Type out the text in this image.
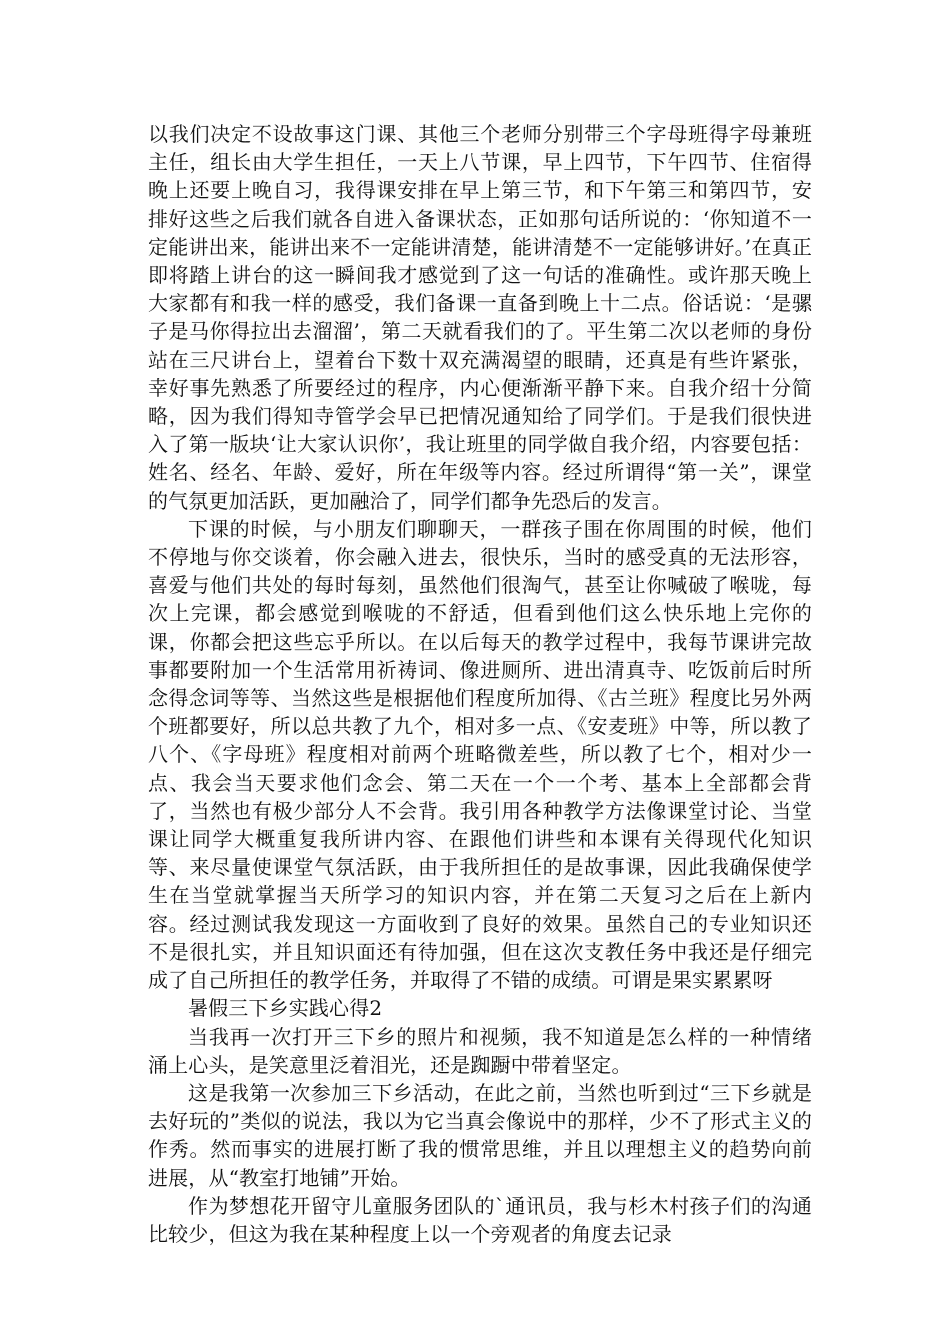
以我们决定不设故事这门课、其他三个老师分别带三个字母班得字母兼班主任，组长由大学生担任，一天上八节课，早上四节，下午四节、住宿得晚上还要上晚自习，我得课安排在早上第三节，和下午第三和第四节，安排好这些之后我们就各自进入备课状态，正如那句话所说的：‘你知道不一定能讲出来，能讲出来不一定能讲清楚，能讲清楚不一定能够讲好。’在真正即将踏上讲台的这一瞬间我才感觉到了这一句话的准确性。或许那天晚上大家都有和我一样的感受，我们备课一直备到晚上十二点。俗话说：‘是骡子是马你得拉出去溜溜’，第二天就看我们的了。平生第二次以老师的身份站在三尺讲台上，望着台下数十双充满渴望的眼睛，还真是有些许紧张，幸好事先熟悉了所要经过的程序，内心便渐渐平静下来。自我介绍十分简略，因为我们得知寺管学会早已把情况通知给了同学们。于是我们很快进入了第一版块‘让大家认识你’，我让班里的同学做自我介绍，内容要包括：姓名、经名、年龄、爱好，所在年级等内容。经过所谓得“第一关”，课堂的气氛更加活跃，更加融洽了，同学们都争先恐后的发言。

下课的时候，与小朋友们聊聊天，一群孩子围在你周围的时候，他们不停地与你交谈着，你会融入进去，很快乐，当时的感受真的无法形容，喜爱与他们共处的每时每刻，虽然他们很淘气，甚至让你喊破了喉咙，每次上完课，都会感觉到喉咙的不舒适，但看到他们这么快乐地上完你的课，你都会把这些忘乎所以。在以后每天的教学过程中，我每节课讲完故事都要附加一个生活常用祈祷词、像进厕所、进出清真寺、吃饭前后时所念得念词等等、当然这些是根据他们程度所加得、《古兰班》程度比另外两个班都要好，所以总共教了九个，相对多一点、《安麦班》中等，所以教了八个、《字母班》程度相对前两个班略微差些，所以教了七个，相对少一点、我会当天要求他们念会、第二天在一个一个考、基本上全部都会背了，当然也有极少部分人不会背。我引用各种教学方法像课堂讨论、当堂课让同学大概重复我所讲内容、在跟他们讲些和本课有关得现代化知识等、来尽量使课堂气氛活跃，由于我所担任的是故事课，因此我确保使学生在当堂就掌握当天所学习的知识内容，并在第二天复习之后在上新内容。经过测试我发现这一方面收到了良好的效果。虽然自己的专业知识还不是很扎实，并且知识面还有待加强，但在这次支教任务中我还是仔细完成了自己所担任的教学任务，并取得了不错的成绩。可谓是果实累累呀

暑假三下乡实践心得2

当我再一次打开三下乡的照片和视频，我不知道是怎么样的一种情绪涌上心头，是笑意里泛着泪光，还是踟蹰中带着坚定。

这是我第一次参加三下乡活动，在此之前，当然也听到过“三下乡就是去好玩的”类似的说法，我以为它当真会像说中的那样，少不了形式主义的作秀。然而事实的进展打断了我的惯常思维，并且以理想主义的趋势向前进展，从“教室打地铺”开始。

作为梦想花开留守儿童服务团队的`通讯员，我与杉木村孩子们的沟通比较少，但这为我在某种程度上以一个旁观者的角度去记录
